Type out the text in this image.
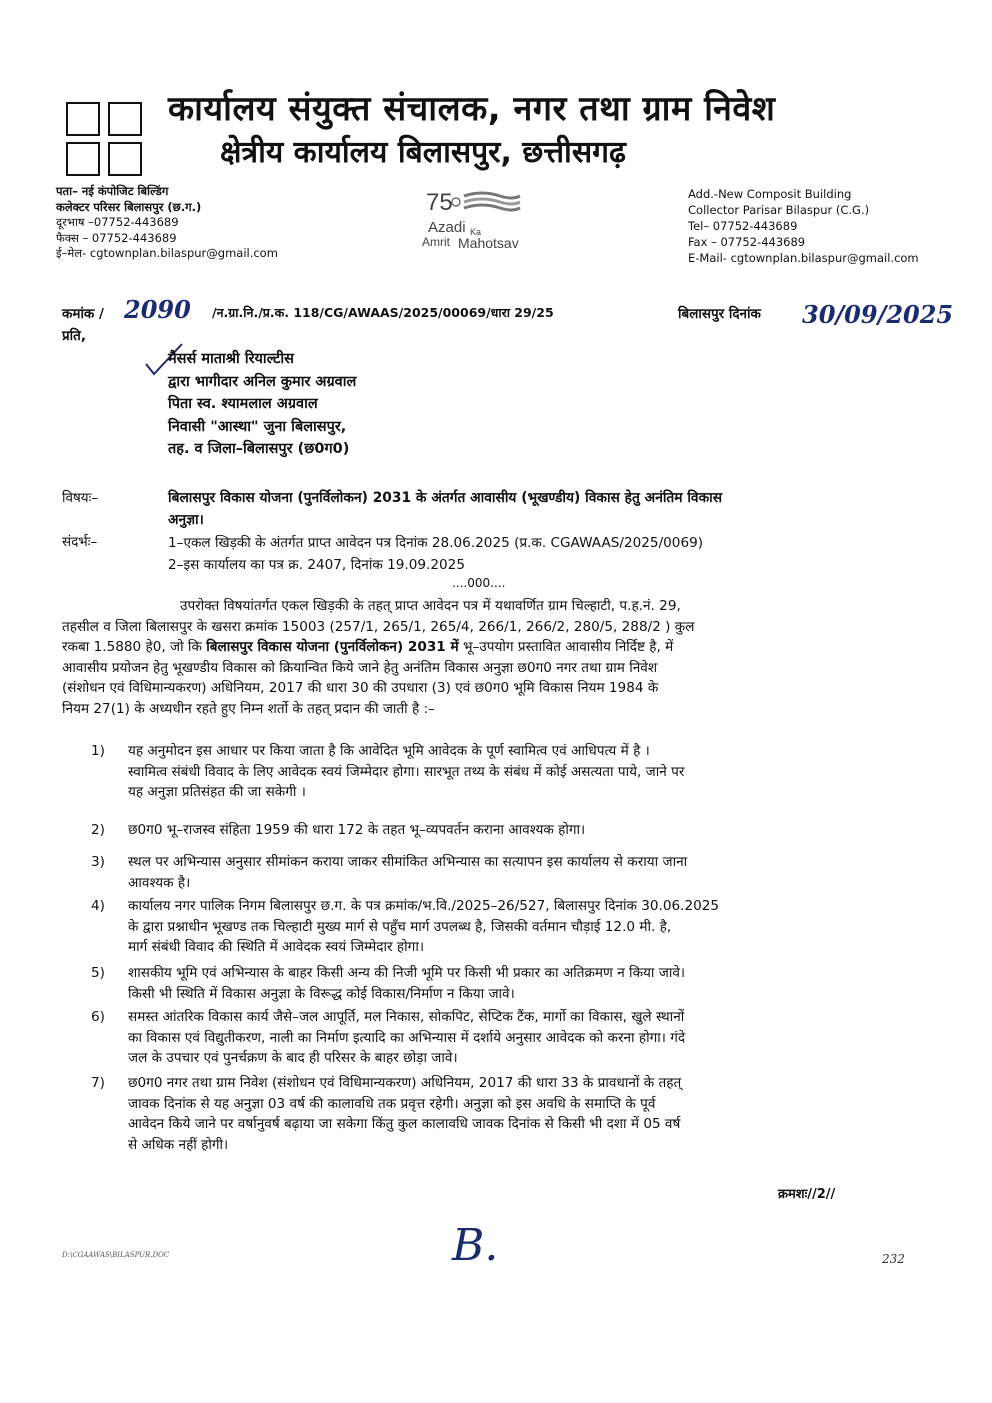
कार्यालय संयुक्त संचालक, नगर तथा ग्राम निवेश
क्षेत्रीय कार्यालय बिलासपुर, छत्तीसगढ़
पता– नई कंपोजिट बिल्डिंग
कलेक्टर परिसर बिलासपुर (छ.ग.)
दूरभाष –07752-443689
फैक्स – 07752-443689
ई–मेल- cgtownplan.bilaspur@gmail.com
75
Azadi Ka
Amrit Mahotsav
Add.-New Composit Building
Collector Parisar Bilaspur (C.G.)
Tel– 07752-443689
Fax – 07752-443689
E-Mail- cgtownplan.bilaspur@gmail.com
कमांक / 2090 /न.ग्रा.नि./प्र.क. 118/CG/AWAAS/2025/00069/धारा 29/25	बिलासपुर दिनांक 30/09/2025
प्रति,
मैसर्स माताश्री रियाल्टीस
द्वारा भागीदार अनिल कुमार अग्रवाल
पिता स्व. श्यामलाल अग्रवाल
निवासी "आस्था" जुना बिलासपुर,
तह. व जिला–बिलासपुर (छ0ग0)
विषयः–	बिलासपुर विकास योजना (पुनर्विलोकन) 2031 के अंतर्गत आवासीय (भूखण्डीय) विकास हेतु अनंतिम विकास
अनुज्ञा।
संदर्भः–	1–एकल खिड़की के अंतर्गत प्राप्त आवेदन पत्र दिनांक 28.06.2025 (प्र.क. CGAWAAS/2025/0069)
2–इस कार्यालय का पत्र क्र. 2407, दिनांक 19.09.2025
....000....
उपरोक्त विषयांतर्गत एकल खिड़की के तहत् प्राप्त आवेदन पत्र में यथावर्णित ग्राम चिल्हाटी, प.ह.नं. 29,
तहसील व जिला बिलासपुर के खसरा क्रमांक 15003 (257/1, 265/1, 265/4, 266/1, 266/2, 280/5, 288/2 ) कुल
रकबा 1.5880 हे0, जो कि बिलासपुर विकास योजना (पुनर्विलोकन) 2031 में भू–उपयोग प्रस्तावित आवासीय निर्दिष्ट है, में
आवासीय प्रयोजन हेतु भूखण्डीय विकास को क्रियान्वित किये जाने हेतु अनंतिम विकास अनुज्ञा छ0ग0 नगर तथा ग्राम निवेश
(संशोधन एवं विधिमान्यकरण) अधिनियम, 2017 की धारा 30 की उपधारा (3) एवं छ0ग0 भूमि विकास नियम 1984 के
नियम 27(1) के अध्यधीन रहते हुए निम्न शर्तो के तहत् प्रदान की जाती है :–
1)	यह अनुमोदन इस आधार पर किया जाता है कि आवेदित भूमि आवेदक के पूर्ण स्वामित्व एवं आधिपत्य में है ।
स्वामित्व संबंधी विवाद के लिए आवेदक स्वयं जिम्मेदार होगा। सारभूत तथ्य के संबंध में कोई असत्यता पाये, जाने पर
यह अनुज्ञा प्रतिसंहत की जा सकेगी ।
2)	छ0ग0 भू–राजस्व संहिता 1959 की धारा 172 के तहत भू–व्यपवर्तन कराना आवश्यक होगा।
3)	स्थल पर अभिन्यास अनुसार सीमांकन कराया जाकर सीमांकित अभिन्यास का सत्यापन इस कार्यालय से कराया जाना
आवश्यक है।
4)	कार्यालय नगर पालिक निगम बिलासपुर छ.ग. के पत्र क्रमांक/भ.वि./2025–26/527, बिलासपुर दिनांक 30.06.2025
के द्वारा प्रश्नाधीन भूखण्ड तक चिल्हाटी मुख्य मार्ग से पहुँच मार्ग उपलब्ध है, जिसकी वर्तमान चौड़ाई 12.0 मी. है,
मार्ग संबंधी विवाद की स्थिति में आवेदक स्वयं जिम्मेदार होगा।
5)	शासकीय भूमि एवं अभिन्यास के बाहर किसी अन्य की निजी भूमि पर किसी भी प्रकार का अतिक्रमण न किया जावे।
किसी भी स्थिति में विकास अनुज्ञा के विरूद्ध कोई विकास/निर्माण न किया जावे।
6)	समस्त आंतरिक विकास कार्य जैसे–जल आपूर्ति, मल निकास, सोकपिट, सेप्टिक टैंक, मार्गो का विकास, खुले स्थानों
का विकास एवं विद्युतीकरण, नाली का निर्माण इत्यादि का अभिन्यास में दर्शाये अनुसार आवेदक को करना होगा। गंदे
जल के उपचार एवं पुनर्चक्रण के बाद ही परिसर के बाहर छोड़ा जावे।
7)	छ0ग0 नगर तथा ग्राम निवेश (संशोधन एवं विधिमान्यकरण) अधिनियम, 2017 की धारा 33 के प्रावधानों के तहत्
जावक दिनांक से यह अनुज्ञा 03 वर्ष की कालावधि तक प्रवृत्त रहेगी। अनुज्ञा को इस अवधि के समाप्ति के पूर्व
आवेदन किये जाने पर वर्षानुवर्ष बढ़ाया जा सकेगा किंतु कुल कालावधि जावक दिनांक से किसी भी दशा में 05 वर्ष
से अधिक नहीं होगी।
क्रमशः//2//
D:\CGAAWAS\BILASPUR.DOC	B.	232
